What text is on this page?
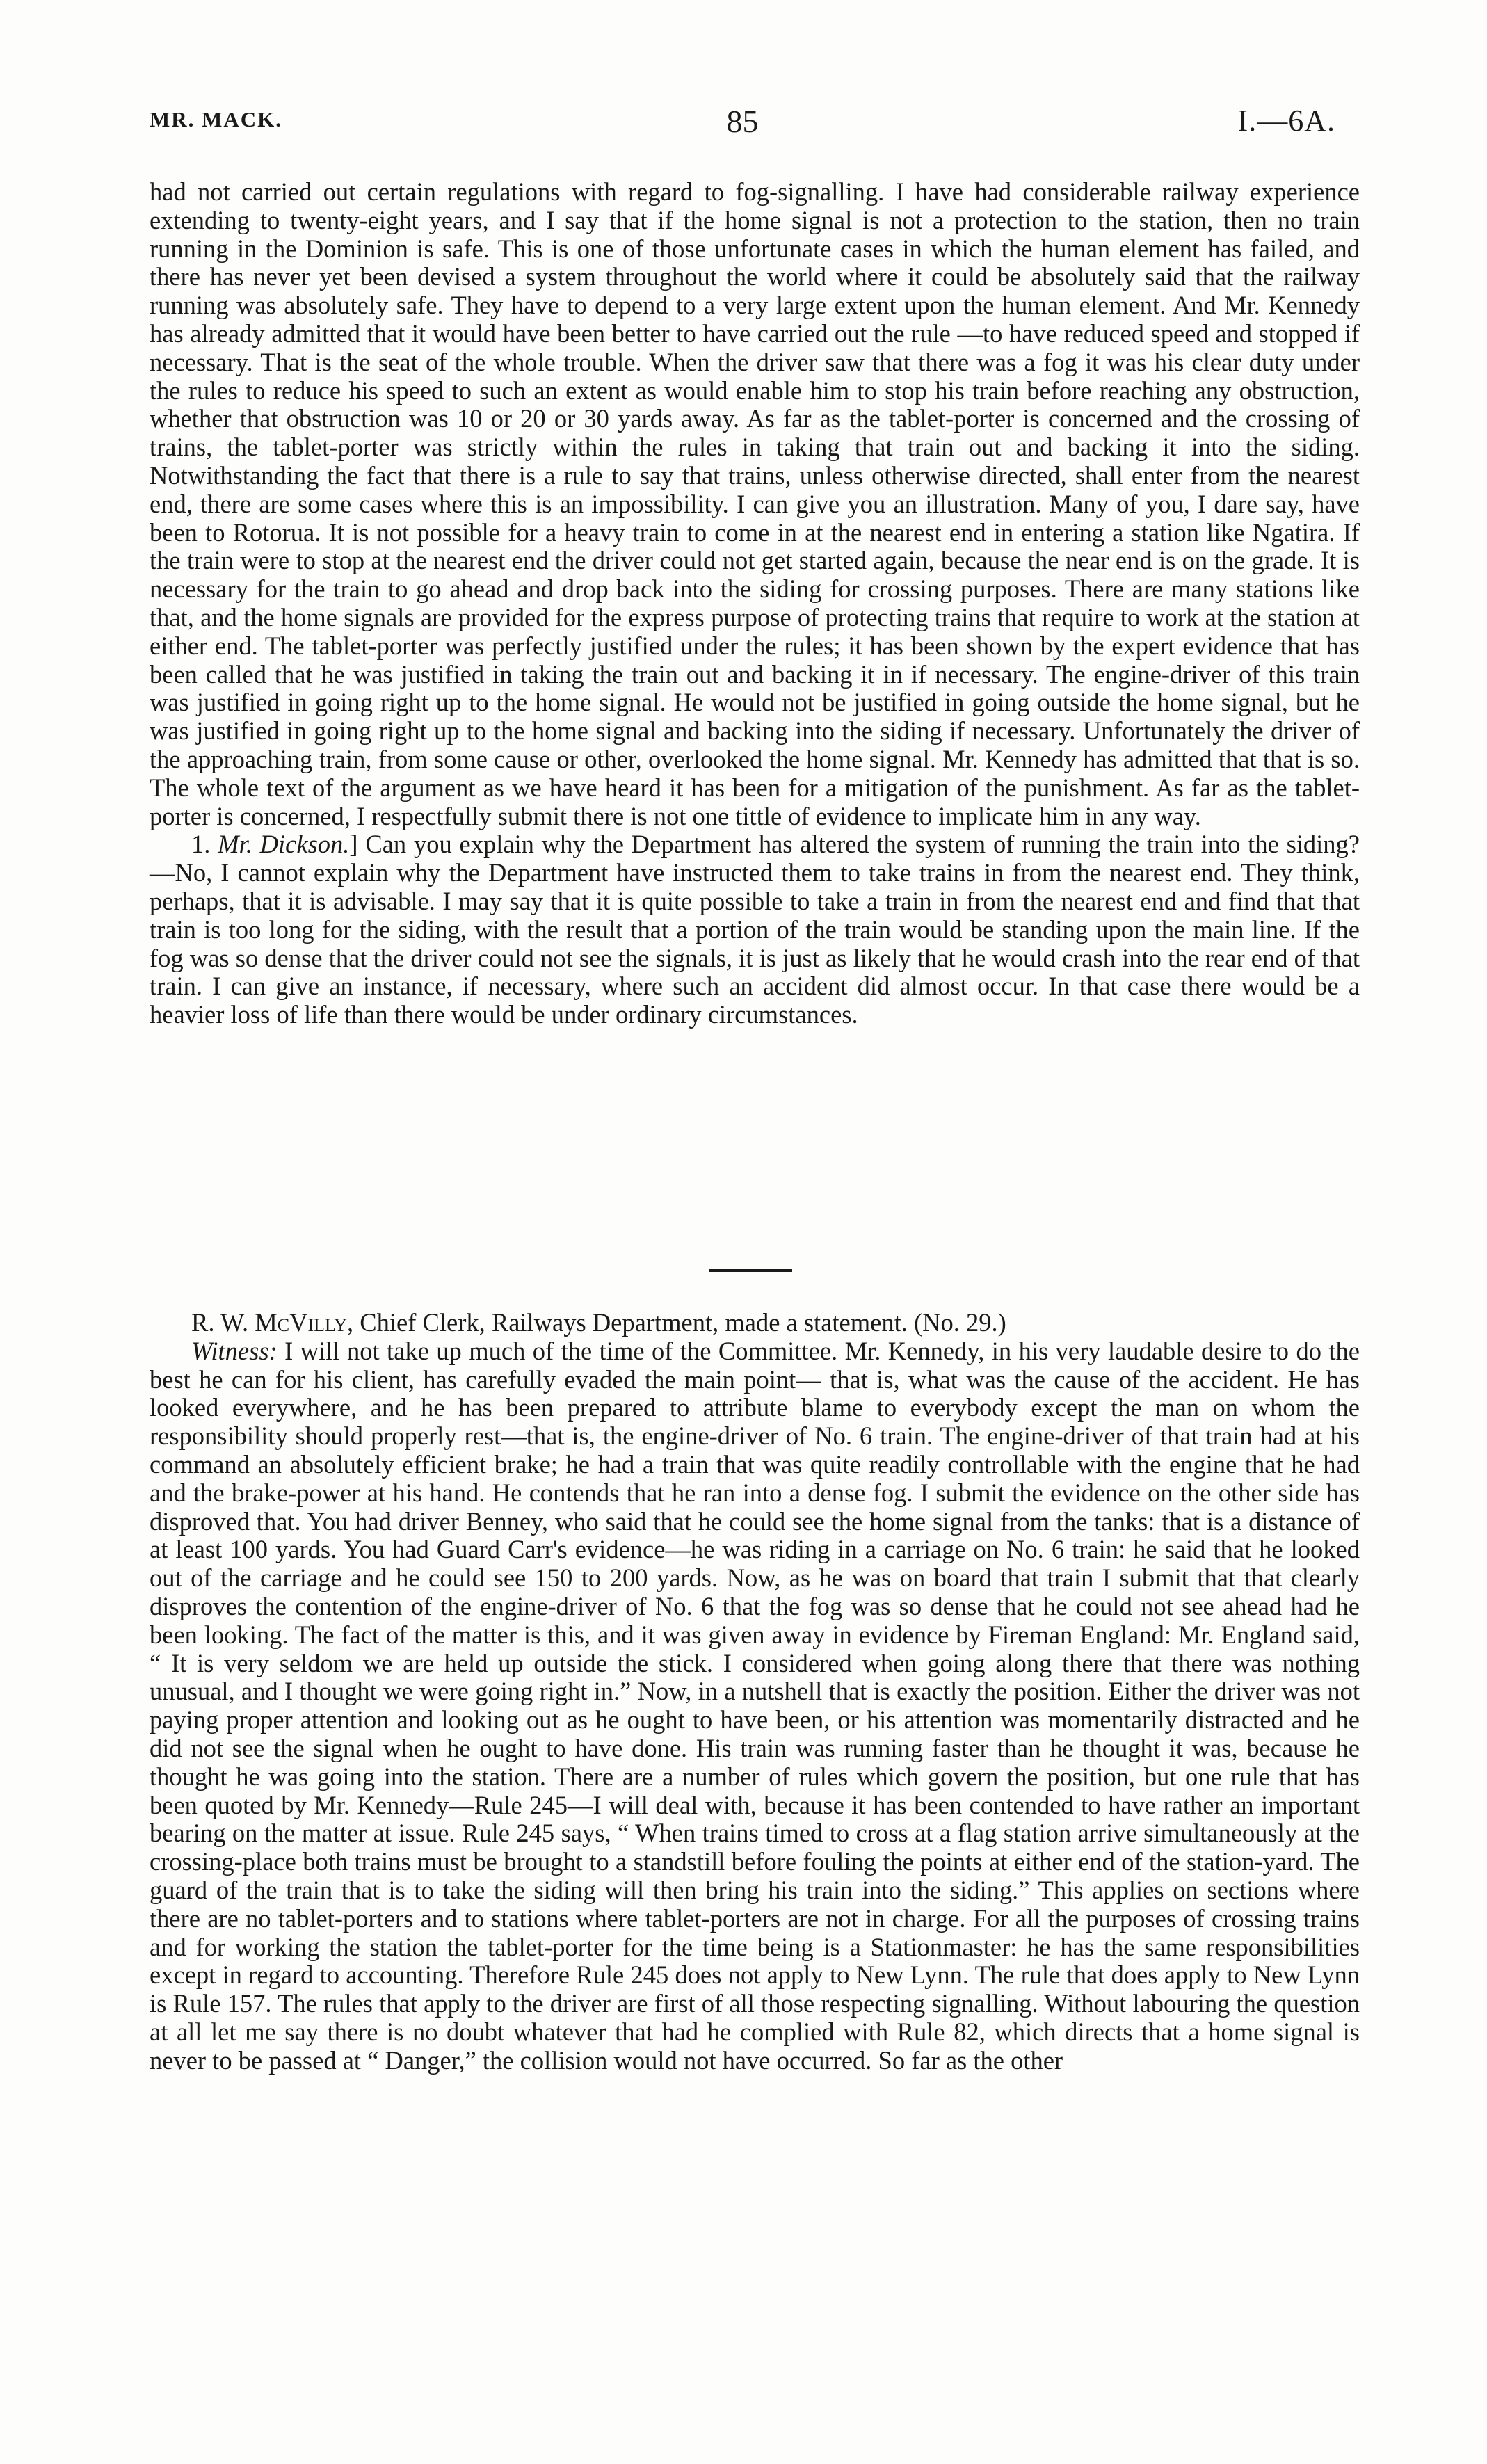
MR. MACK.	85	I.—6A.

had not carried out certain regulations with regard to fog-signalling. I have had considerable railway experience extending to twenty-eight years, and I say that if the home signal is not a protection to the station, then no train running in the Dominion is safe. This is one of those unfortunate cases in which the human element has failed, and there has never yet been devised a system throughout the world where it could be absolutely said that the railway running was absolutely safe. They have to depend to a very large extent upon the human element. And Mr. Kennedy has already admitted that it would have been better to have carried out the rule —to have reduced speed and stopped if necessary. That is the seat of the whole trouble. When the driver saw that there was a fog it was his clear duty under the rules to reduce his speed to such an extent as would enable him to stop his train before reaching any obstruction, whether that obstruction was 10 or 20 or 30 yards away. As far as the tablet-porter is concerned and the crossing of trains, the tablet-porter was strictly within the rules in taking that train out and backing it into the siding. Notwithstanding the fact that there is a rule to say that trains, unless otherwise directed, shall enter from the nearest end, there are some cases where this is an impossibility. I can give you an illustration. Many of you, I dare say, have been to Rotorua. It is not possible for a heavy train to come in at the nearest end in entering a station like Ngatira. If the train were to stop at the nearest end the driver could not get started again, because the near end is on the grade. It is necessary for the train to go ahead and drop back into the siding for crossing purposes. There are many stations like that, and the home signals are provided for the express purpose of protecting trains that require to work at the station at either end. The tablet-porter was perfectly justified under the rules; it has been shown by the expert evidence that has been called that he was justified in taking the train out and backing it in if necessary. The engine-driver of this train was justified in going right up to the home signal. He would not be justified in going outside the home signal, but he was justified in going right up to the home signal and backing into the siding if necessary. Unfortunately the driver of the approaching train, from some cause or other, overlooked the home signal. Mr. Kennedy has admitted that that is so. The whole text of the argument as we have heard it has been for a mitigation of the punishment. As far as the tablet-porter is concerned, I respectfully submit there is not one tittle of evidence to implicate him in any way.

1. Mr. Dickson.] Can you explain why the Department has altered the system of running the train into the siding?—No, I cannot explain why the Department have instructed them to take trains in from the nearest end. They think, perhaps, that it is advisable. I may say that it is quite possible to take a train in from the nearest end and find that that train is too long for the siding, with the result that a portion of the train would be standing upon the main line. If the fog was so dense that the driver could not see the signals, it is just as likely that he would crash into the rear end of that train. I can give an instance, if necessary, where such an accident did almost occur. In that case there would be a heavier loss of life than there would be under ordinary circumstances.

R. W. McVilly, Chief Clerk, Railways Department, made a statement. (No. 29.)

Witness: I will not take up much of the time of the Committee. Mr. Kennedy, in his very laudable desire to do the best he can for his client, has carefully evaded the main point— that is, what was the cause of the accident. He has looked everywhere, and he has been prepared to attribute blame to everybody except the man on whom the responsibility should properly rest—that is, the engine-driver of No. 6 train. The engine-driver of that train had at his command an absolutely efficient brake; he had a train that was quite readily controllable with the engine that he had and the brake-power at his hand. He contends that he ran into a dense fog. I submit the evidence on the other side has disproved that. You had driver Benney, who said that he could see the home signal from the tanks: that is a distance of at least 100 yards. You had Guard Carr's evidence—he was riding in a carriage on No. 6 train: he said that he looked out of the carriage and he could see 150 to 200 yards. Now, as he was on board that train I submit that that clearly disproves the contention of the engine-driver of No. 6 that the fog was so dense that he could not see ahead had he been looking. The fact of the matter is this, and it was given away in evidence by Fireman England: Mr. England said, “ It is very seldom we are held up outside the stick. I considered when going along there that there was nothing unusual, and I thought we were going right in.” Now, in a nutshell that is exactly the position. Either the driver was not paying proper attention and looking out as he ought to have been, or his attention was momentarily distracted and he did not see the signal when he ought to have done. His train was running faster than he thought it was, because he thought he was going into the station. There are a number of rules which govern the position, but one rule that has been quoted by Mr. Kennedy—Rule 245—I will deal with, because it has been contended to have rather an important bearing on the matter at issue. Rule 245 says, “ When trains timed to cross at a flag station arrive simultaneously at the crossing-place both trains must be brought to a standstill before fouling the points at either end of the station-yard. The guard of the train that is to take the siding will then bring his train into the siding.” This applies on sections where there are no tablet-porters and to stations where tablet-porters are not in charge. For all the purposes of crossing trains and for working the station the tablet-porter for the time being is a Stationmaster: he has the same responsibilities except in regard to accounting. Therefore Rule 245 does not apply to New Lynn. The rule that does apply to New Lynn is Rule 157. The rules that apply to the driver are first of all those respecting signalling. Without labouring the question at all let me say there is no doubt whatever that had he complied with Rule 82, which directs that a home signal is never to be passed at “ Danger,” the collision would not have occurred. So far as the other
